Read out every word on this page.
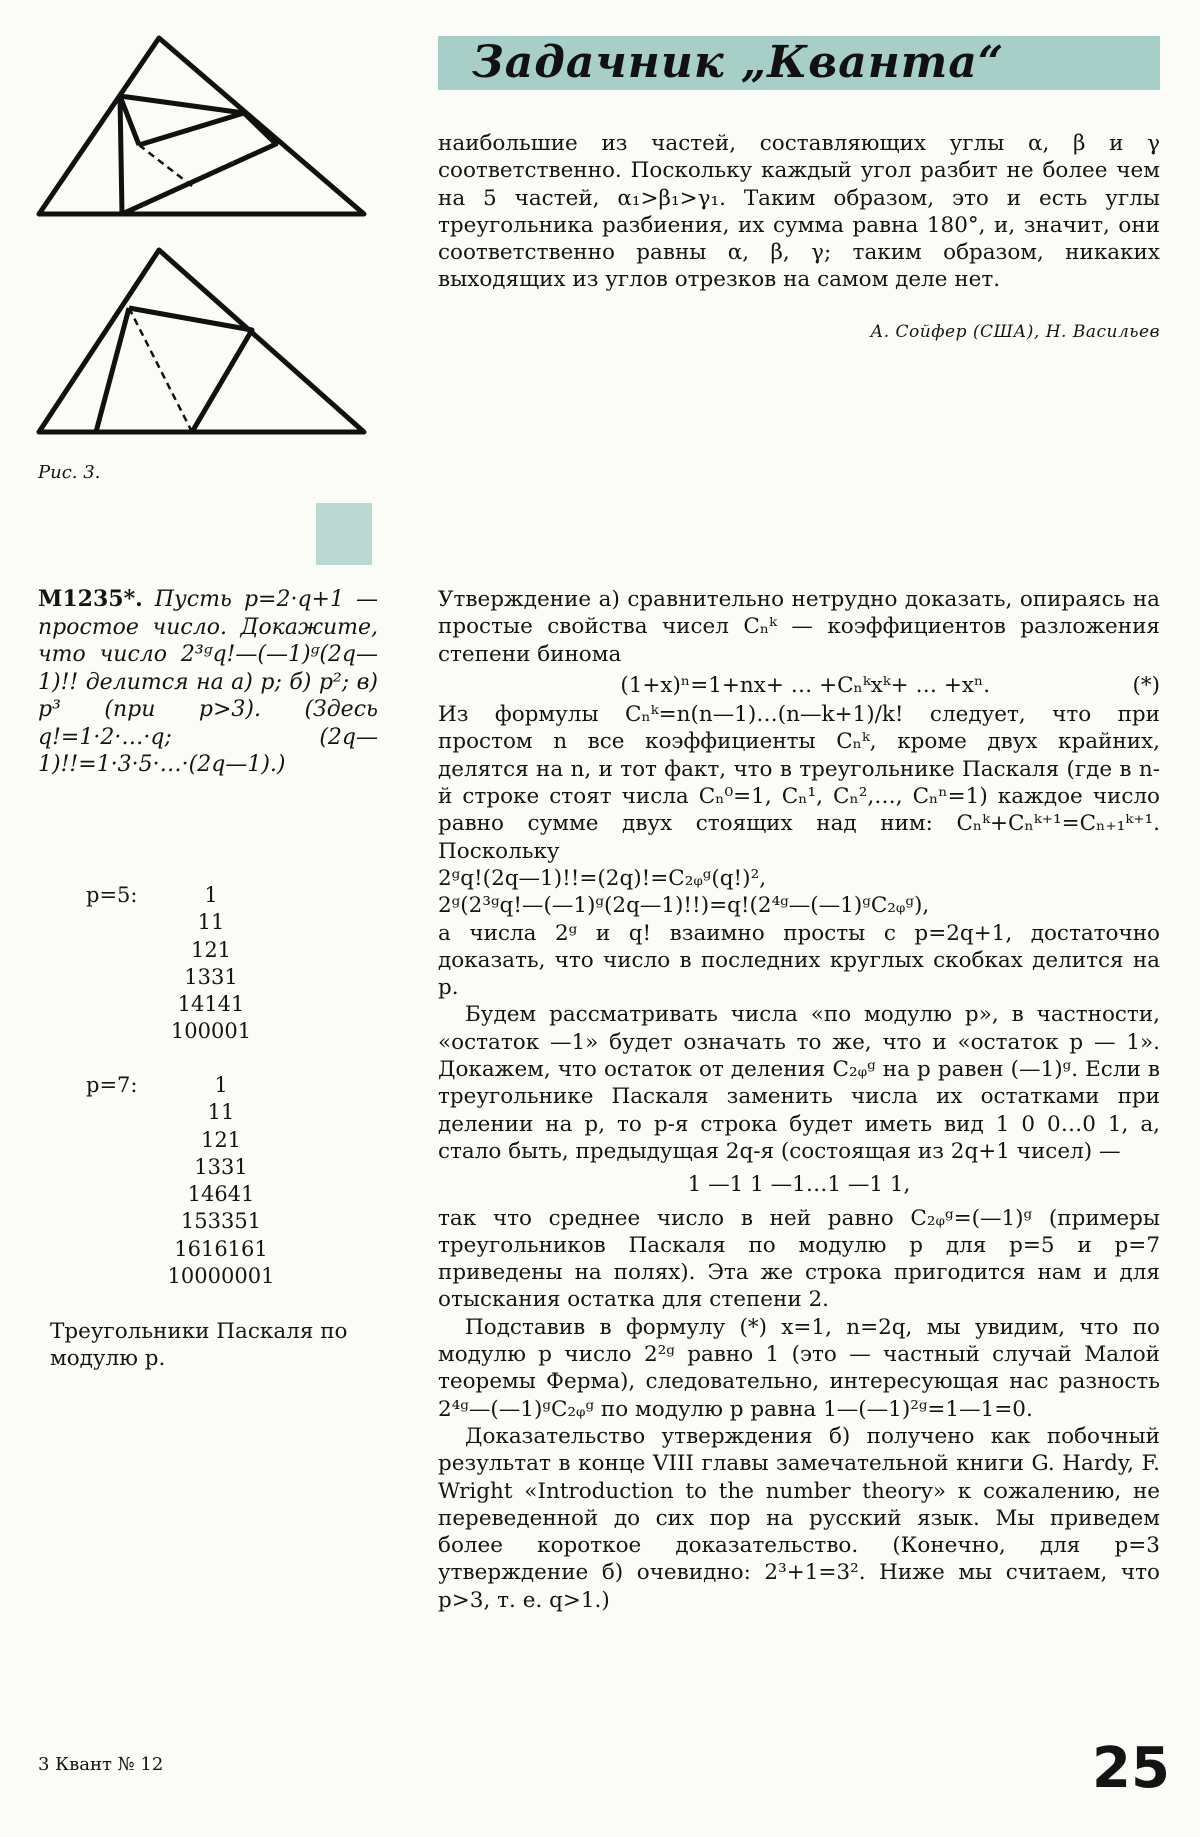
Задачник „Кванта“
Рис. 3.

наибольшие из частей, составляющих углы α, β и γ соответственно. Поскольку каждый угол разбит не более чем на 5 частей, α₁>β₁>γ₁. Таким образом, это и есть углы треугольника разбиения, их сумма равна 180°, и, значит, они соответственно равны α, β, γ; таким образом, никаких выходящих из углов отрезков на самом деле нет.

А. Сойфер (США), Н. Васильев
М1235*. Пусть p=2·q+1 — простое число. Докажите, что число 2³ᵍq!—(—1)ᵍ(2q—1)!! делится на а) p; б) p²; в) p³ (при p>3). (Здесь q!=1·2·…·q; (2q—1)!!=1·3·5·…·(2q—1).)
p=5:	1
11
121
1331
14141
100001
p=7:	1
11
121
1331
14641
153351
1616161
10000001
Треугольники Паскаля по модулю p.

Утверждение а) сравнительно нетрудно доказать, опираясь на простые свойства чисел Cₙᵏ — коэффициентов разложения степени бинома

(1+x)ⁿ=1+nx+ … +Cₙᵏxᵏ+ … +xⁿ.	(*)

Из формулы Cₙᵏ=n(n—1)…(n—k+1)/k! следует, что при простом n все коэффициенты Cₙᵏ, кроме двух крайних, делятся на n, и тот факт, что в треугольнике Паскаля (где в n-й строке стоят числа Cₙ⁰=1, Cₙ¹, Cₙ²,…, Cₙⁿ=1) каждое число равно сумме двух стоящих над ним: Cₙᵏ+Cₙᵏ⁺¹=Cₙ₊₁ᵏ⁺¹. Поскольку

2ᵍq!(2q—1)!!=(2q)!=C₂ᵩᵍ(q!)²,

2ᵍ(2³ᵍq!—(—1)ᵍ(2q—1)!!)=q!(2⁴ᵍ—(—1)ᵍC₂ᵩᵍ),

а числа 2ᵍ и q! взаимно просты с p=2q+1, достаточно доказать, что число в последних круглых скобках делится на p.

Будем рассматривать числа «по модулю p», в частности, «остаток —1» будет означать то же, что и «остаток p — 1». Докажем, что остаток от деления C₂ᵩᵍ на p равен (—1)ᵍ. Если в треугольнике Паскаля заменить числа их остатками при делении на p, то p-я строка будет иметь вид 1 0 0…0 1, а, стало быть, предыдущая 2q-я (состоящая из 2q+1 чисел) —

1 —1 1 —1…1 —1 1,

так что среднее число в ней равно C₂ᵩᵍ=(—1)ᵍ (примеры треугольников Паскаля по модулю p для p=5 и p=7 приведены на полях). Эта же строка пригодится нам и для отыскания остатка для степени 2.

Подставив в формулу (*) x=1, n=2q, мы увидим, что по модулю p число 2²ᵍ равно 1 (это — частный случай Малой теоремы Ферма), следовательно, интересующая нас разность 2⁴ᵍ—(—1)ᵍC₂ᵩᵍ по модулю p равна 1—(—1)²ᵍ=1—1=0.

Доказательство утверждения б) получено как побочный результат в конце VIII главы замечательной книги G. Hardy, F. Wright «Introduction to the number theory» к сожалению, не переведенной до сих пор на русский язык. Мы приведем более короткое доказательство. (Конечно, для p=3 утверждение б) очевидно: 2³+1=3². Ниже мы считаем, что p>3, т. е. q>1.)

3 Квант № 12	25
